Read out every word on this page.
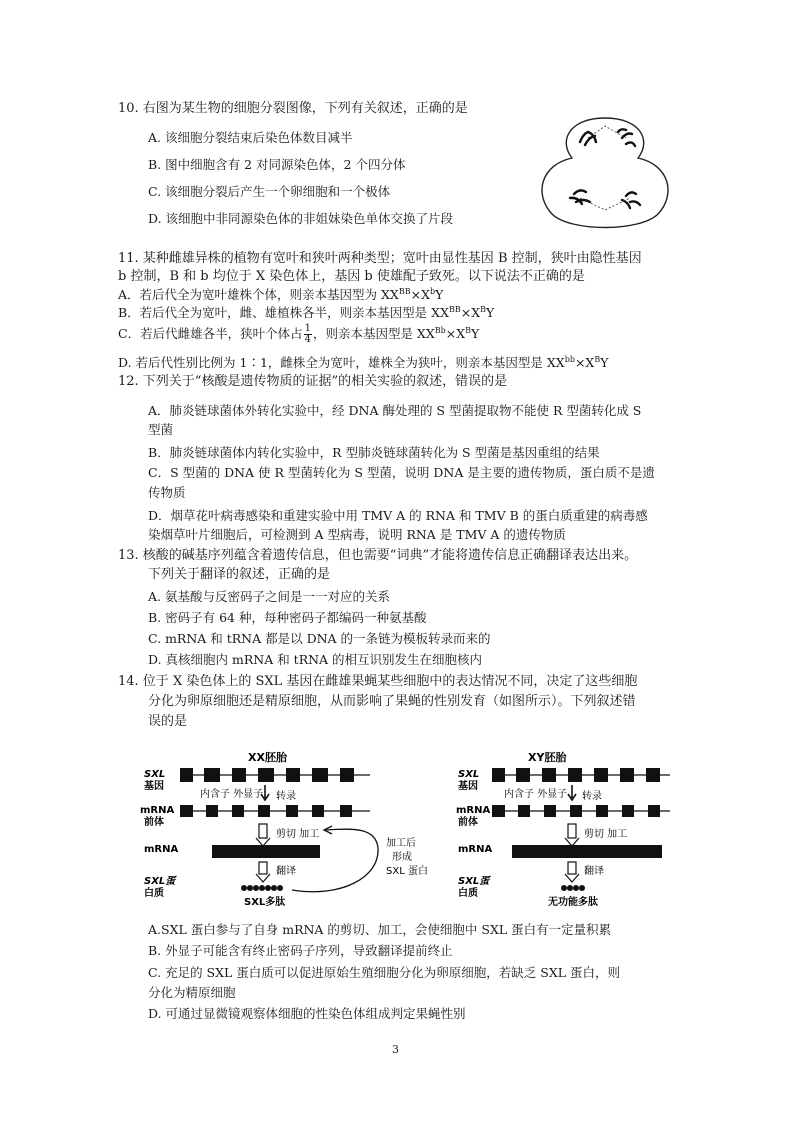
10. 右图为某生物的细胞分裂图像，下列有关叙述，正确的是
A. 该细胞分裂结束后染色体数目减半
B. 图中细胞含有 2 对同源染色体，2 个四分体
C. 该细胞分裂后产生一个卵细胞和一个极体
D. 该细胞中非同源染色体的非姐妹染色单体交换了片段
11. 某种雌雄异株的植物有宽叶和狭叶两种类型；宽叶由显性基因 B 控制，狭叶由隐性基因
b 控制，B 和 b 均位于 X 染色体上，基因 b 使雄配子致死。以下说法不正确的是
A．若后代全为宽叶雄株个体，则亲本基因型为 $XX^{BB}\times X^bY$
B．若后代全为宽叶，雌、雄植株各半，则亲本基因型是 $XX^{BB}\times X^BY$
C．若后代雌雄各半，狭叶个体占 $\frac{1}{4}$ ，则亲本基因型是 $XX^{Bb}\times X^BY$
D. 若后代性别比例为 1∶1，雌株全为宽叶，雄株全为狭叶，则亲本基因型是 $XX^{bb}\times X^BY$
12. 下列关于“核酸是遗传物质的证据”的相关实验的叙述，错误的是
A．肺炎链球菌体外转化实验中，经 DNA 酶处理的 S 型菌提取物不能使 R 型菌转化成 S
型菌
B．肺炎链球菌体内转化实验中，R 型肺炎链球菌转化为 S 型菌是基因重组的结果
C．S 型菌的 DNA 使 R 型菌转化为 S 型菌，说明 DNA 是主要的遗传物质，蛋白质不是遗
传物质
D．烟草花叶病毒感染和重建实验中用 TMV A 的 RNA 和 TMV B 的蛋白质重建的病毒感
染烟草叶片细胞后，可检测到 A 型病毒，说明 RNA 是 TMV A 的遗传物质
13. 核酸的碱基序列蕴含着遗传信息，但也需要“词典”才能将遗传信息正确翻译表达出来。
下列关于翻译的叙述，正确的是
A. 氨基酸与反密码子之间是一一对应的关系
B. 密码子有 64 种，每种密码子都编码一种氨基酸
C. mRNA 和 tRNA 都是以 DNA 的一条链为模板转录而来的
D. 真核细胞内 mRNA 和 tRNA 的相互识别发生在细胞核内
14. 位于 X 染色体上的 SXL 基因在雌雄果蝇某些细胞中的表达情况不同，决定了这些细胞
分化为卵原细胞还是精原细胞，从而影响了果蝇的性别发育（如图所示）。下列叙述错
误的是
XX胚胎
SXL
基因
内含子 外显子 转录
mRNA
前体
剪切 加工
mRNA
翻译
SXL蛋
白质
SXL多肽
加工后
形成
SXL 蛋白
XY胚胎
SXL
基因
内含子 外显子 转录
mRNA
前体
剪切 加工
mRNA
翻译
SXL蛋
白质
无功能多肽
A.SXL 蛋白参与了自身 mRNA 的剪切、加工，会使细胞中 SXL 蛋白有一定量积累
B. 外显子可能含有终止密码子序列，导致翻译提前终止
C. 充足的 SXL 蛋白质可以促进原始生殖细胞分化为卵原细胞，若缺乏 SXL 蛋白，则
分化为精原细胞
D. 可通过显微镜观察体细胞的性染色体组成判定果蝇性别
3
